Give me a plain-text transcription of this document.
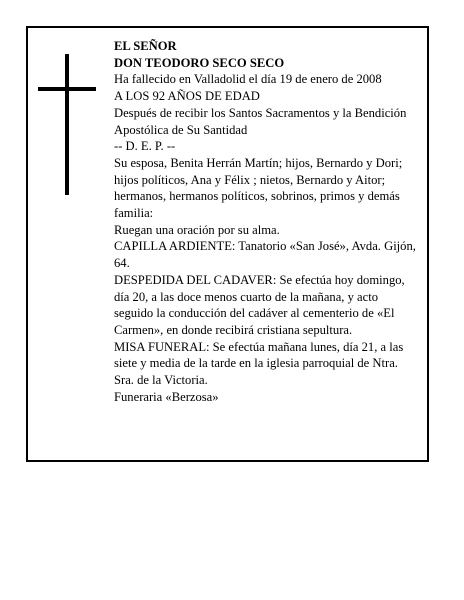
EL SEÑOR

DON TEODORO SECO SECO

Ha fallecido en Valladolid el día 19 de enero de 2008

A LOS 92 AÑOS DE EDAD

Después de recibir los Santos Sacramentos y la Bendición Apostólica de Su Santidad

-- D. E. P. --

Su esposa, Benita Herrán Martín; hijos, Bernardo y Dori; hijos políticos, Ana y Félix ; nietos, Bernardo y Aitor; hermanos, hermanos políticos, sobrinos, primos y demás familia:

Ruegan una oración por su alma.

CAPILLA ARDIENTE: Tanatorio «San José», Avda. Gijón, 64.

DESPEDIDA DEL CADAVER: Se efectúa hoy domingo, día 20, a las doce menos cuarto de la mañana, y acto seguido la conducción del cadáver al cementerio de «El Carmen», en donde recibirá cristiana sepultura.

MISA FUNERAL: Se efectúa mañana lunes, día 21, a las siete y media de la tarde en la iglesia parroquial de Ntra. Sra. de la Victoria.

Funeraria «Berzosa»
